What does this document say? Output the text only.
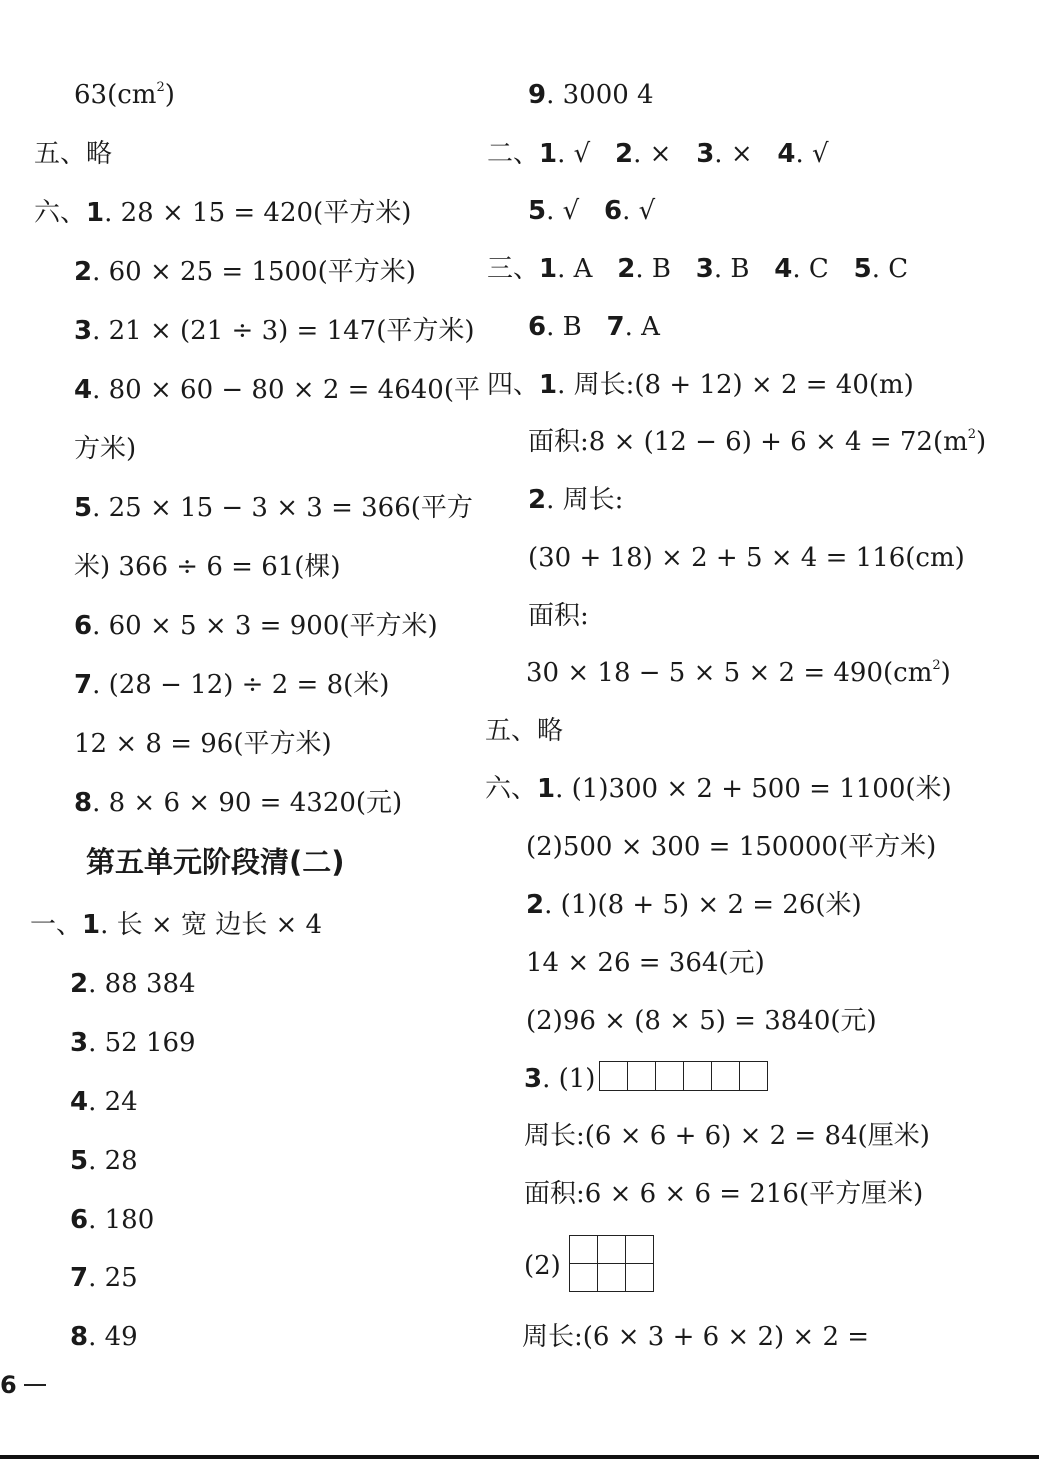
$63(cm^2)$
五、略
六、1. 28 × 15 = 420(平方米)
2. 60 × 25 = 1500(平方米)
3. 21 × (21 ÷ 3) = 147(平方米)
4. 80 × 60 − 80 × 2 = 4640(平
方米)
5. 25 × 15 − 3 × 3 = 366(平方
米) 366 ÷ 6 = 61(棵)
6. 60 × 5 × 3 = 900(平方米)
7. (28 − 12) ÷ 2 = 8(米)
12 × 8 = 96(平方米)
8. 8 × 6 × 90 = 4320(元)
第五单元阶段清(二)
一、1. 长 × 宽 边长 × 4
2. 88 384
3. 52 169
4. 24
5. 28
6. 180
7. 25
8. 49
9. 3000 4
二、1. √   2. ×   3. ×   4. √
5. √   6. √
三、1. A   2. B   3. B   4. C   5. C
6. B   7. A
四、1. 周长:(8 + 12) × 2 = 40(m)
面积:8 × $(12 - 6) + 6 \times 4 = 72(m^2)$
2. 周长:
(30 + 18) × 2 + 5 × 4 = 116(cm)
面积:
$30 \times 18 - 5 \times 5 \times 2 = 490(cm^2)$
五、略
六、1. (1)300 × 2 + 500 = 1100(米)
(2)500 × 300 = 150000(平方米)
2. (1)(8 + 5) × 2 = 26(米)
14 × 26 = 364(元)
(2)96 × (8 × 5) = 3840(元)
3. (1)
周长:(6 × 6 + 6) × 2 = 84(厘米)
面积:6 × 6 × 6 = 216(平方厘米)
(2)
周长:(6 × 3 + 6 × 2) × 2 =
6
